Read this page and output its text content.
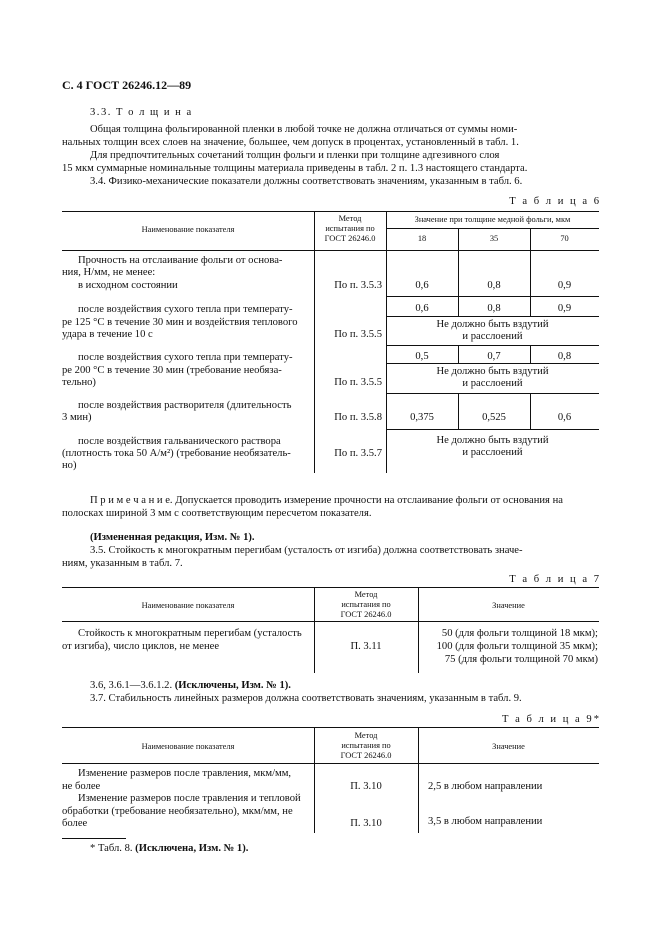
С. 4 ГОСТ 26246.12—89
3.3. Т о л щ и н а
Общая толщина фольгированной пленки в любой точке не должна отличаться от суммы номи-
нальных толщин всех слоев на значение, большее, чем допуск в процентах, установленный в табл. 1.
Для предпочтительных сочетаний толщин фольги и пленки при толщине адгезивного слоя
15 мкм суммарные номинальные толщины материала приведены в табл. 2 п. 1.3 настоящего стандарта.
3.4. Физико-механические показатели должны соответствовать значениям, указанным в табл. 6.
Т а б л и ц а 6
Наименование показателя
Метод
испытания по
ГОСТ 26246.0
Значение при толщине медной фольги, мкм
18	35	70
Прочность на отслаивание фольги от основа-
ния, Н/мм, не менее:
в исходном состоянии	По п. 3.5.3	0,6	0,8	0,9
после воздействия сухого тепла при температу-
ре 125 °С в течение 30 мин и воздействия теплового
удара в течение 10 с	По п. 3.5.5
0,6	0,8	0,9
Не должно быть вздутий
и расслоений
после воздействия сухого тепла при температу-
ре 200 °С в течение 30 мин (требование необяза-
тельно)	По п. 3.5.5
0,5	0,7	0,8
Не должно быть вздутий
и расслоений
после воздействия растворителя (длительность
3 мин)	По п. 3.5.8	0,375	0,525	0,6
после воздействия гальванического раствора
(плотность тока 50 А/м²) (требование необязатель-
но)
По п. 3.5.7
Не должно быть вздутий
и расслоений
П р и м е ч а н и е. Допускается проводить измерение прочности на отслаивание фольги от основания на
полосках шириной 3 мм с соответствующим пересчетом показателя.
(Измененная редакция, Изм. № 1).
3.5. Стойкость к многократным перегибам (усталость от изгиба) должна соответствовать значе-
ниям, указанным в табл. 7.
Т а б л и ц а 7
Наименование показателя
Метод
испытания по
ГОСТ 26246.0
Значение
Стойкость к многократным перегибам (усталость
от изгиба), число циклов, не менее	П. 3.11
50 (для фольги толщиной 18 мкм);
100 (для фольги толщиной 35 мкм);
75 (для фольги толщиной 70 мкм)
3.6, 3.6.1—3.6.1.2. (Исключены, Изм. № 1).
3.7. Стабильность линейных размеров должна соответствовать значениям, указанным в табл. 9.
Т а б л и ц а 9*
Наименование показателя
Метод
испытания по
ГОСТ 26246.0
Значение
Изменение размеров после травления, мкм/мм,
не более	П. 3.10	2,5 в любом направлении
Изменение размеров после травления и тепловой
обработки (требование необязательно), мкм/мм, не
более	П. 3.10	3,5 в любом направлении
* Табл. 8. (Исключена, Изм. № 1).
